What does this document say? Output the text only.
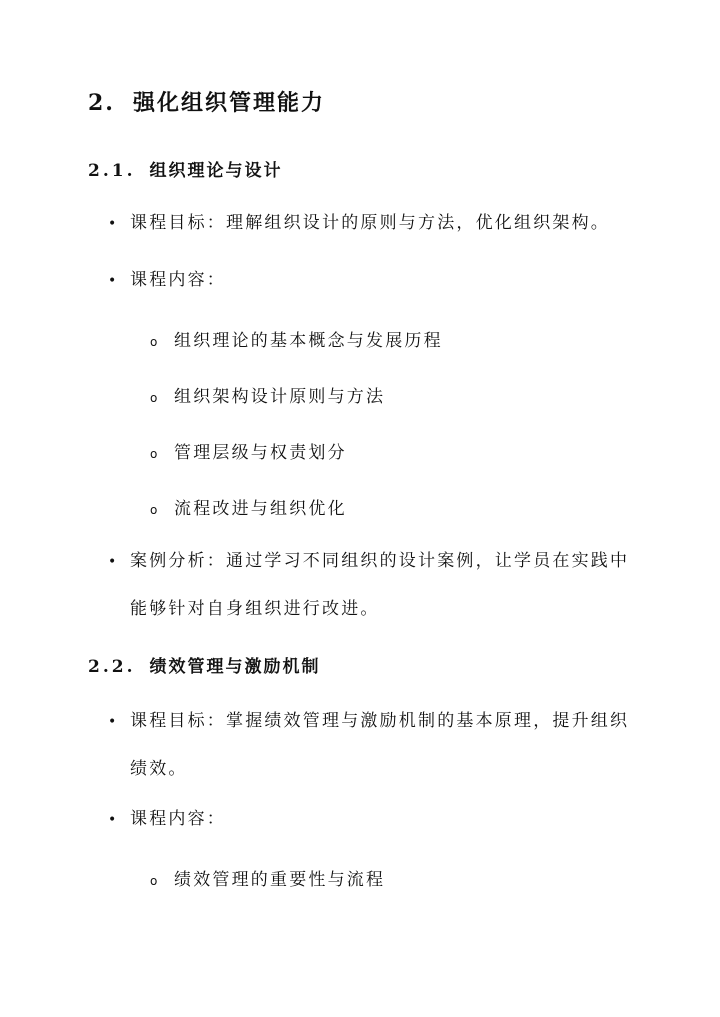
2. 强化组织管理能力
2.1. 组织理论与设计
• 课程目标：理解组织设计的原则与方法，优化组织架构。
• 课程内容：
o 组织理论的基本概念与发展历程
o 组织架构设计原则与方法
o 管理层级与权责划分
o 流程改进与组织优化
• 案例分析：通过学习不同组织的设计案例，让学员在实践中
能够针对自身组织进行改进。
2.2. 绩效管理与激励机制
• 课程目标：掌握绩效管理与激励机制的基本原理，提升组织
绩效。
• 课程内容：
o 绩效管理的重要性与流程
